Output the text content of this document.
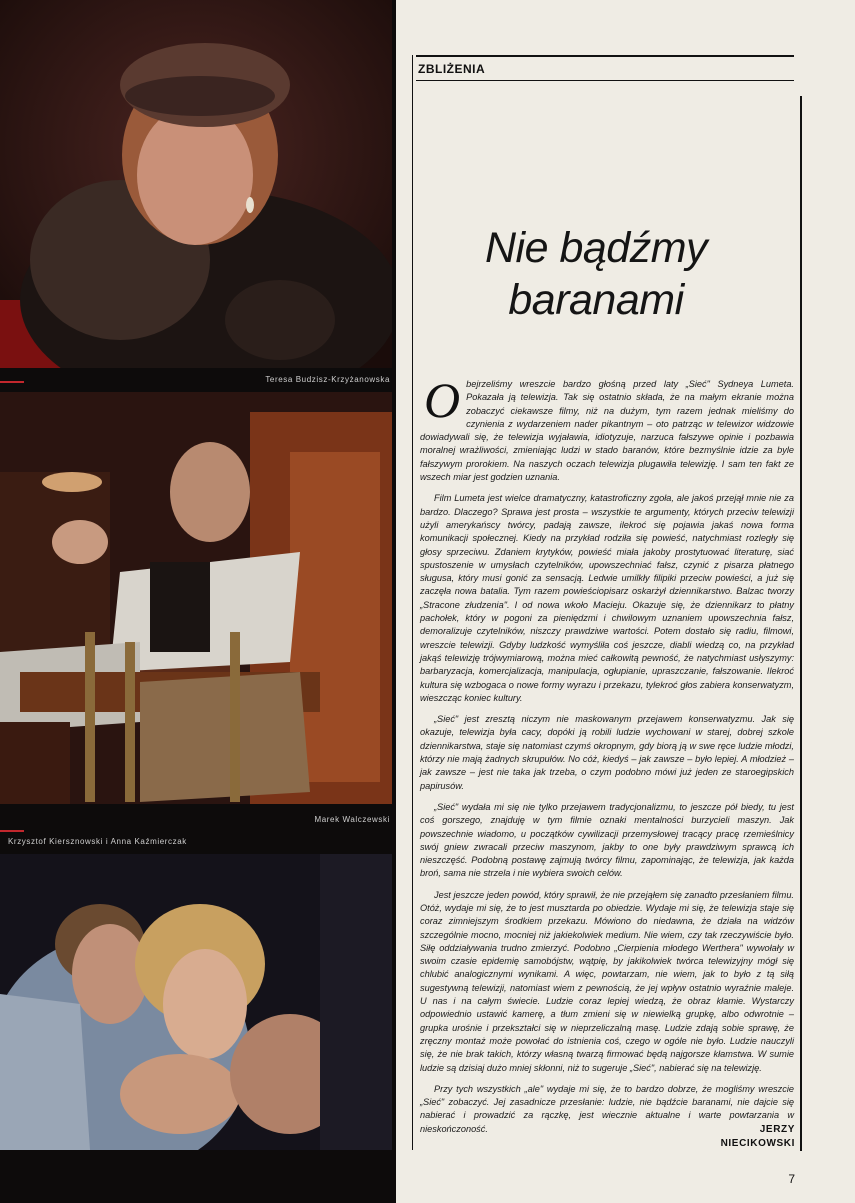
Teresa Budzisz-Krzyżanowska
Marek Walczewski
Krzysztof Kiersznowski i Anna Kaźmierczak
ZBLIŻENIA
Nie bądźmy
baranami

Obejrzeliśmy wreszcie bardzo głośną przed laty „Sieć" Sydneya Lumeta. Pokazała ją telewizja. Tak się ostatnio składa, że na małym ekranie można zobaczyć ciekawsze filmy, niż na dużym, tym razem jednak mieliśmy do czynienia z wydarzeniem nader pikantnym – oto patrząc w telewizor widzowie dowiadywali się, że telewizja wyjaławia, idiotyzuje, narzuca fałszywe opinie i pozbawia moralnej wrażliwości, zmieniając ludzi w stado baranów, które bezmyślnie idzie za byle fałszywym prorokiem. Na naszych oczach telewizja plugawiła telewizję. I sam ten fakt ze wszech miar jest godzien uznania.

Film Lumeta jest wielce dramatyczny, katastroficzny zgoła, ale jakoś przejął mnie nie za bardzo. Dlaczego? Sprawa jest prosta – wszystkie te argumenty, których przeciw telewizji użyli amerykańscy twórcy, padają zawsze, ilekroć się pojawia jakaś nowa forma komunikacji społecznej. Kiedy na przykład rodziła się powieść, natychmiast rozległy się głosy sprzeciwu. Zdaniem krytyków, powieść miała jakoby prostytuować literaturę, siać spustoszenie w umysłach czytelników, upowszechniać fałsz, czynić z pisarza płatnego sługusa, który musi gonić za sensacją. Ledwie umilkły filipiki przeciw powieści, a już się zaczęła nowa batalia. Tym razem powieściopisarz oskarżył dziennikarstwo. Balzac tworzy „Stracone złudzenia". I od nowa wkoło Macieju. Okazuje się, że dziennikarz to płatny pachołek, który w pogoni za pieniędzmi i chwilowym uznaniem upowszechnia fałsz, demoralizuje czytelników, niszczy prawdziwe wartości. Potem dostało się radiu, filmowi, wreszcie telewizji. Gdyby ludzkość wymyśliła coś jeszcze, diabli wiedzą co, na przykład jakąś telewizję trójwymiarową, można mieć całkowitą pewność, że natychmiast usłyszymy: barbaryzacja, komercjalizacja, manipulacja, ogłupianie, upraszczanie, fałszowanie. Ilekroć kultura się wzbogaca o nowe formy wyrazu i przekazu, tylekroć głos zabiera konserwatyzm, wieszcząc koniec kultury.

„Sieć" jest zresztą niczym nie maskowanym przejawem konserwatyzmu. Jak się okazuje, telewizja była cacy, dopóki ją robili ludzie wychowani w starej, dobrej szkole dziennikarstwa, staje się natomiast czymś okropnym, gdy biorą ją w swe ręce ludzie młodzi, którzy nie mają żadnych skrupułów. No cóż, kiedyś – jak zawsze – było lepiej. A młodzież – jak zawsze – jest nie taka jak trzeba, o czym podobno mówi już jeden ze staroegipskich papirusów.

„Sieć" wydała mi się nie tylko przejawem tradycjonalizmu, to jeszcze pół biedy, tu jest coś gorszego, znajduję w tym filmie oznaki mentalności burzycieli maszyn. Jak powszechnie wiadomo, u początków cywilizacji przemysłowej tracący pracę rzemieślnicy swój gniew zwracali przeciw maszynom, jakby to one były prawdziwym sprawcą ich nieszczęść. Podobną postawę zajmują twórcy filmu, zapominając, że telewizja, jak każda broń, sama nie strzela i nie wybiera swoich celów.

Jest jeszcze jeden powód, który sprawił, że nie przejąłem się zanadto przesłaniem filmu. Otóż, wydaje mi się, że to jest musztarda po obiedzie. Wydaje mi się, że telewizja staje się coraz zimniejszym środkiem przekazu. Mówiono do niedawna, że działa na widzów szczególnie mocno, mocniej niż jakiekolwiek medium. Nie wiem, czy tak rzeczywiście było. Siłę oddziaływania trudno zmierzyć. Podobno „Cierpienia młodego Werthera" wywołały w swoim czasie epidemię samobójstw, wątpię, by jakikolwiek twórca telewizyjny mógł się chlubić analogicznymi wynikami. A więc, powtarzam, nie wiem, jak to było z tą siłą sugestywną telewizji, natomiast wiem z pewnością, że jej wpływ ostatnio wyraźnie maleje. U nas i na całym świecie. Ludzie coraz lepiej wiedzą, że obraz kłamie. Wystarczy odpowiednio ustawić kamerę, a tłum zmieni się w niewielką grupkę, albo odwrotnie – grupka urośnie i przekształci się w nieprzeliczalną masę. Ludzie zdają sobie sprawę, że zręczny montaż może powołać do istnienia coś, czego w ogóle nie było. Ludzie nauczyli się, że nie brak takich, którzy własną twarzą firmować będą najgorsze kłamstwa. W sumie ludzie są dzisiaj dużo mniej skłonni, niż to sugeruje „Sieć", nabierać się na telewizję.

Przy tych wszystkich „ale" wydaje mi się, że to bardzo dobrze, że mogliśmy wreszcie „Sieć" zobaczyć. Jej zasadnicze przesłanie: ludzie, nie bądźcie baranami, nie dajcie się nabierać i prowadzić za rączkę, jest wiecznie aktualne i warte powtarzania w nieskończoność.	JERZY
NIECIKOWSKI
7
